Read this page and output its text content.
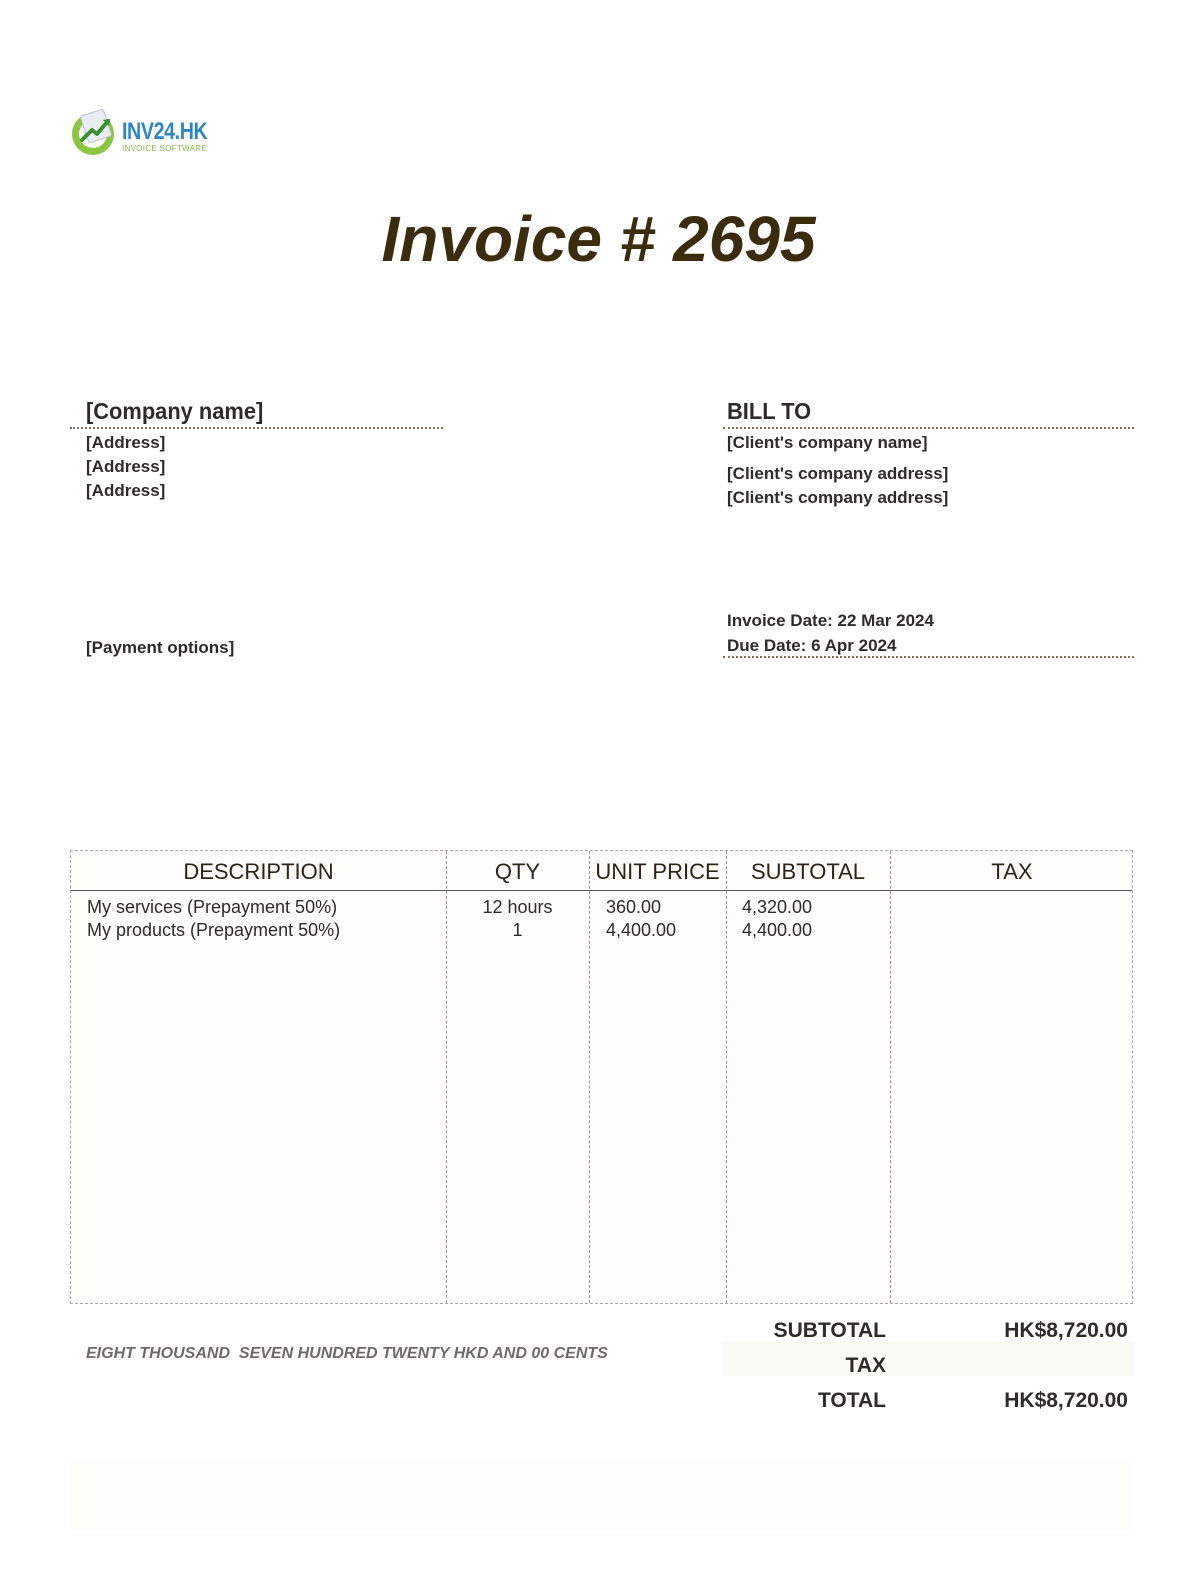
INV24.HK
INVOICE SOFTWARE
Invoice # 2695
[Company name]
[Address]
[Address]
[Address]
BILL TO
[Client's company name]
[Client's company address]
[Client's company address]
[Payment options]
Invoice Date: 22 Mar 2024
Due Date: 6 Apr 2024
DESCRIPTION	QTY	UNIT PRICE	SUBTOTAL	TAX
My services (Prepayment 50%)	12 hours	360.00	4,320.00
My products (Prepayment 50%)	1	4,400.00	4,400.00
EIGHT THOUSAND  SEVEN HUNDRED TWENTY HKD AND 00 CENTS
SUBTOTAL	HK$8,720.00
TAX
TOTAL	HK$8,720.00
